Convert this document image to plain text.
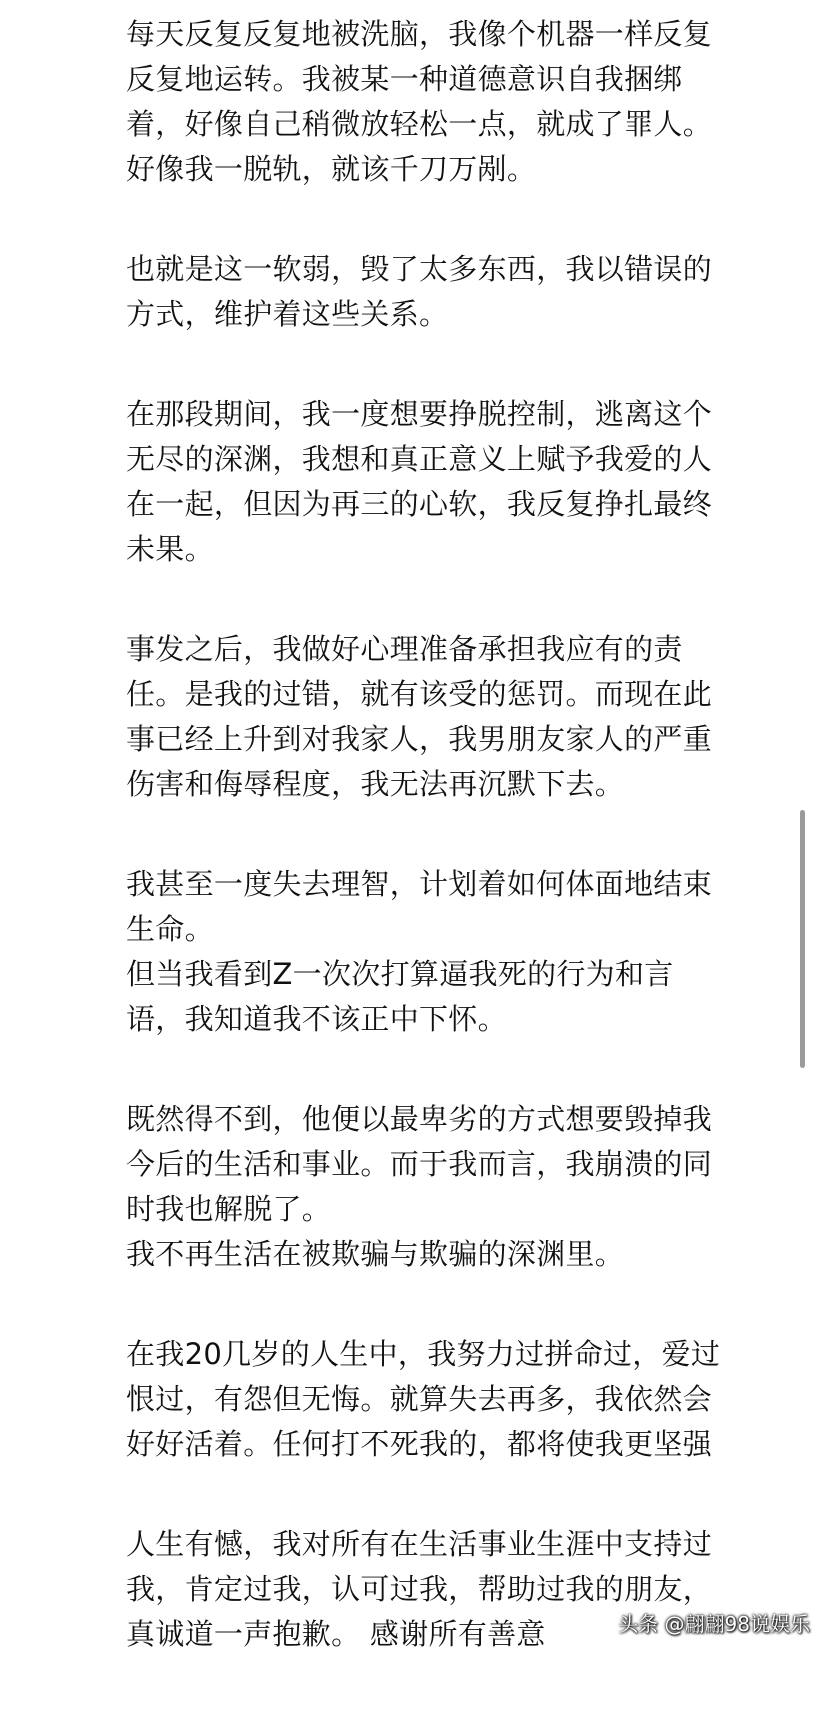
每天反复反复地被洗脑，我像个机器一样反复
反复地运转。我被某一种道德意识自我捆绑
着，好像自己稍微放轻松一点，就成了罪人。
好像我一脱轨，就该千刀万剐。
也就是这一软弱，毁了太多东西，我以错误的
方式，维护着这些关系。
在那段期间，我一度想要挣脱控制，逃离这个
无尽的深渊，我想和真正意义上赋予我爱的人
在一起，但因为再三的心软，我反复挣扎最终
未果。
事发之后，我做好心理准备承担我应有的责
任。是我的过错，就有该受的惩罚。而现在此
事已经上升到对我家人，我男朋友家人的严重
伤害和侮辱程度，我无法再沉默下去。
我甚至一度失去理智，计划着如何体面地结束
生命。
但当我看到Z一次次打算逼我死的行为和言
语，我知道我不该正中下怀。
既然得不到，他便以最卑劣的方式想要毁掉我
今后的生活和事业。而于我而言，我崩溃的同
时我也解脱了。
我不再生活在被欺骗与欺骗的深渊里。
在我20几岁的人生中，我努力过拼命过，爱过
恨过，有怨但无悔。就算失去再多，我依然会
好好活着。任何打不死我的，都将使我更坚强
人生有憾，我对所有在生活事业生涯中支持过
我，肯定过我，认可过我，帮助过我的朋友，
真诚道一声抱歉。 感谢所有善意	头条 @翩翩98说娱乐
